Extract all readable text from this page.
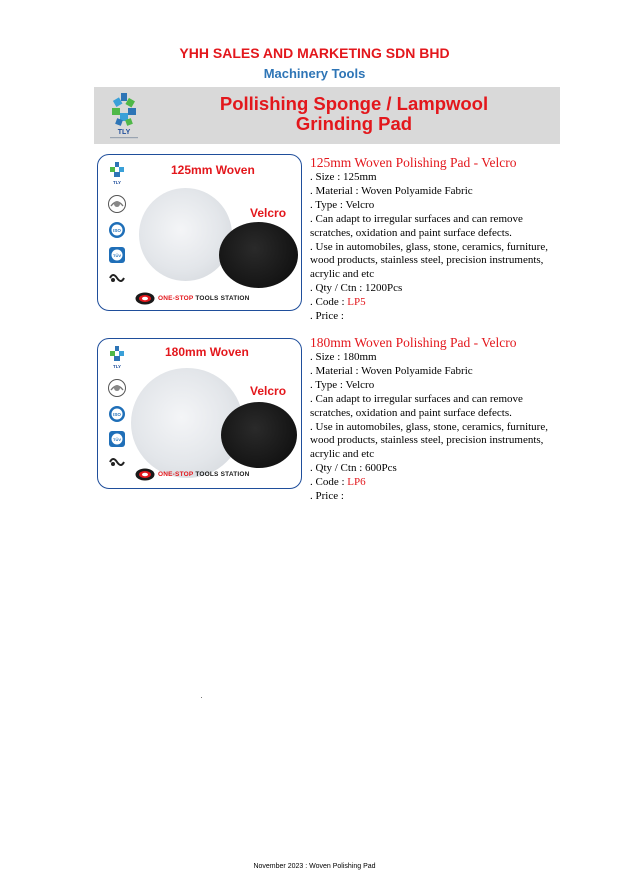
YHH SALES AND MARKETING SDN BHD
Machinery Tools
TLY
Pollishing Sponge / Lampwool
Grinding Pad
TLY
ISO
TÜV
125mm Woven
Velcro
ONE-STOP TOOLS STATION
125mm Woven Polishing Pad - Velcro
. Size : 125mm
. Material : Woven Polyamide Fabric
. Type : Velcro
. Can adapt to irregular surfaces and can remove scratches, oxidation and paint surface defects.
. Use in automobiles, glass, stone, ceramics, furniture, wood products, stainless steel, precision instruments, acrylic and etc
. Qty / Ctn : 1200Pcs
. Code : LP5
. Price :
TLY
ISO
TÜV
180mm Woven
Velcro
ONE-STOP TOOLS STATION
180mm Woven Polishing Pad - Velcro
. Size : 180mm
. Material : Woven Polyamide Fabric
. Type : Velcro
. Can adapt to irregular surfaces and can remove scratches, oxidation and paint surface defects.
. Use in automobiles, glass, stone, ceramics, furniture, wood products, stainless steel, precision instruments, acrylic and etc
. Qty / Ctn : 600Pcs
. Code : LP6
. Price :
November 2023 : Woven Polishing Pad
